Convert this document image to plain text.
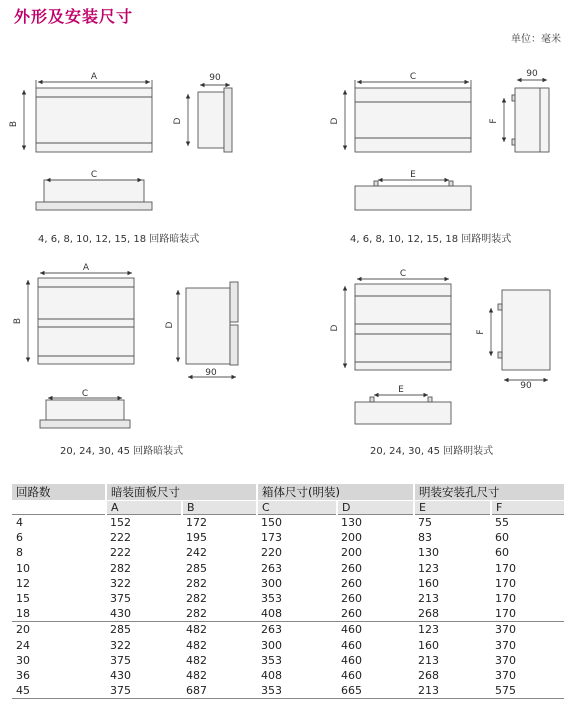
外形及安装尺寸
单位：毫米
A
B
90
D
C
C
D
90
F
E
A
B
D
90
C
C
D
F
90
E
4, 6, 8, 10, 12, 15, 18 回路暗装式	4, 6, 8, 10, 12, 15, 18 回路明装式
20, 24, 30, 45 回路暗装式	20, 24, 30, 45 回路明装式
回路数	暗装面板尺寸		箱体尺寸(明装)		明装安装孔尺寸	
	A	B	C	D	E	F
4	152	172	150	130	75	55
6	222	195	173	200	83	60
8	222	242	220	200	130	60
10	282	285	263	260	123	170
12	322	282	300	260	160	170
15	375	282	353	260	213	170
18	430	282	408	260	268	170
20	285	482	263	460	123	370
24	322	482	300	460	160	370
30	375	482	353	460	213	370
36	430	482	408	460	268	370
45	375	687	353	665	213	575
